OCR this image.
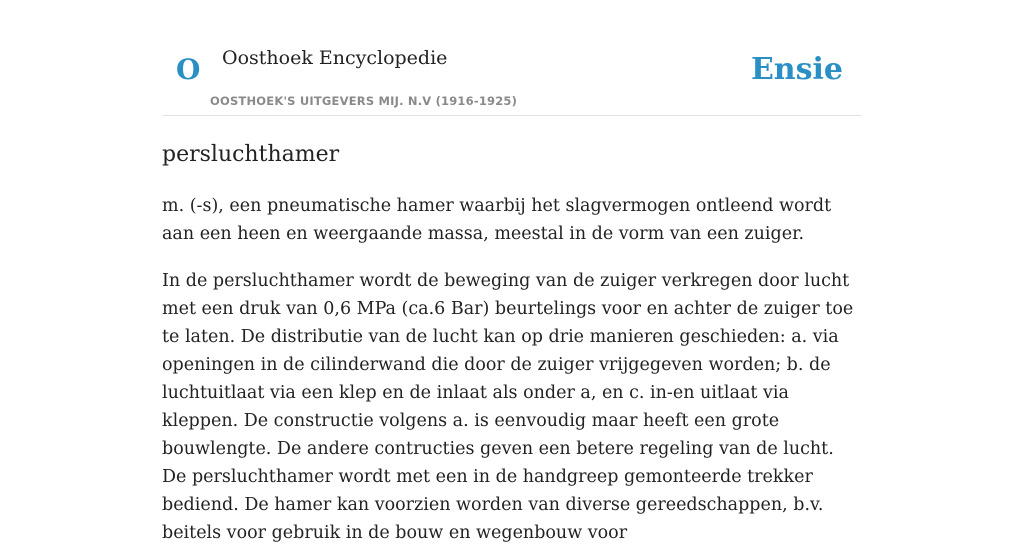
O Oosthoek Encyclopedie
OOSTHOEK'S UITGEVERS MIJ. N.V (1916-1925)
Ensie
persluchthamer

m. (-s), een pneumatische hamer waarbij het slagvermogen ontleend wordt aan een heen en weergaande massa, meestal in de vorm van een zuiger.

In de persluchthamer wordt de beweging van de zuiger verkregen door lucht met een druk van 0,6 MPa (ca.6 Bar) beurtelings voor en achter de zuiger toe te laten. De distributie van de lucht kan op drie manieren geschieden: a. via openingen in de cilinderwand die door de zuiger vrijgegeven worden; b. de luchtuitlaat via een klep en de inlaat als onder a, en c. in-en uitlaat via kleppen. De constructie volgens a. is eenvoudig maar heeft een grote bouwlengte. De andere contructies geven een betere regeling van de lucht. De persluchthamer wordt met een in de handgreep gemonteerde trekker bediend. De hamer kan voorzien worden van diverse gereedschappen, b.v. beitels voor gebruik in de bouw en wegenbouw voor
